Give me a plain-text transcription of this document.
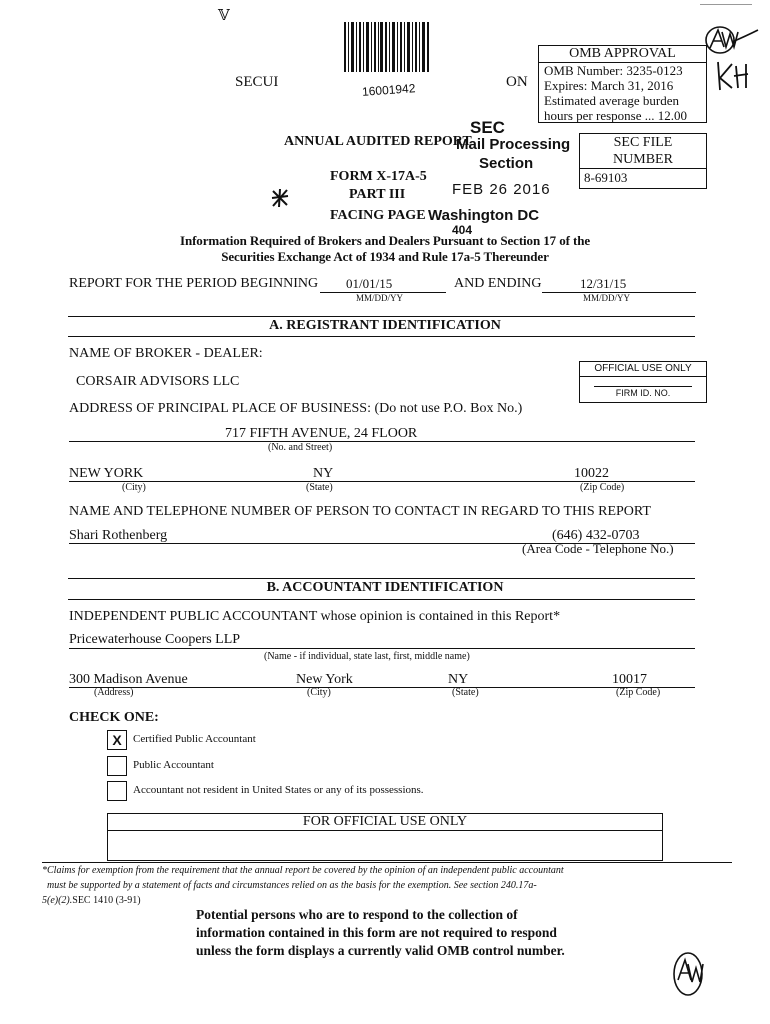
𝕍
SECUI	16001942	ON
OMB APPROVAL
OMB Number: 3235-0123
Expires: March 31, 2016
Estimated average burden
hours per response ... 12.00
SEC FILE
NUMBER
8-69103
ANNUAL AUDITED REPORT
SEC
Mail Processing
Section
FORM X-17A-5
PART III	FEB 26 2016
FACING PAGE Washington DC
404
Information Required of Brokers and Dealers Pursuant to Section 17 of the
Securities Exchange Act of 1934 and Rule 17a-5 Thereunder
REPORT FOR THE PERIOD BEGINNING 01/01/15
MM/DD/YY
AND ENDING	12/31/15
MM/DD/YY
A. REGISTRANT IDENTIFICATION
NAME OF BROKER - DEALER:
CORSAIR ADVISORS LLC
OFFICIAL USE ONLY
FIRM ID. NO.
ADDRESS OF PRINCIPAL PLACE OF BUSINESS: (Do not use P.O. Box No.)
717 FIFTH AVENUE, 24 FLOOR
(No. and Street)
NEW YORK	NY	10022
(City)	(State)	(Zip Code)
NAME AND TELEPHONE NUMBER OF PERSON TO CONTACT IN REGARD TO THIS REPORT
Shari Rothenberg	(646) 432-0703
(Area Code - Telephone No.)
B. ACCOUNTANT IDENTIFICATION
INDEPENDENT PUBLIC ACCOUNTANT whose opinion is contained in this Report*
Pricewaterhouse Coopers LLP
(Name - if individual, state last, first, middle name)
300 Madison Avenue	New York	NY	10017
(Address)	(City)	(State)	(Zip Code)
CHECK ONE:
X	Certified Public Accountant
Public Accountant
Accountant not resident in United States or any of its possessions.
FOR OFFICIAL USE ONLY
*Claims for exemption from the requirement that the annual report be covered by the opinion of an independent public accountant
must be supported by a statement of facts and circumstances relied on as the basis for the exemption. See section 240.17a-
5(e)(2).SEC 1410 (3-91)
Potential persons who are to respond to the collection of
information contained in this form are not required to respond
unless the form displays a currently valid OMB control number.
AW
KH
AW
